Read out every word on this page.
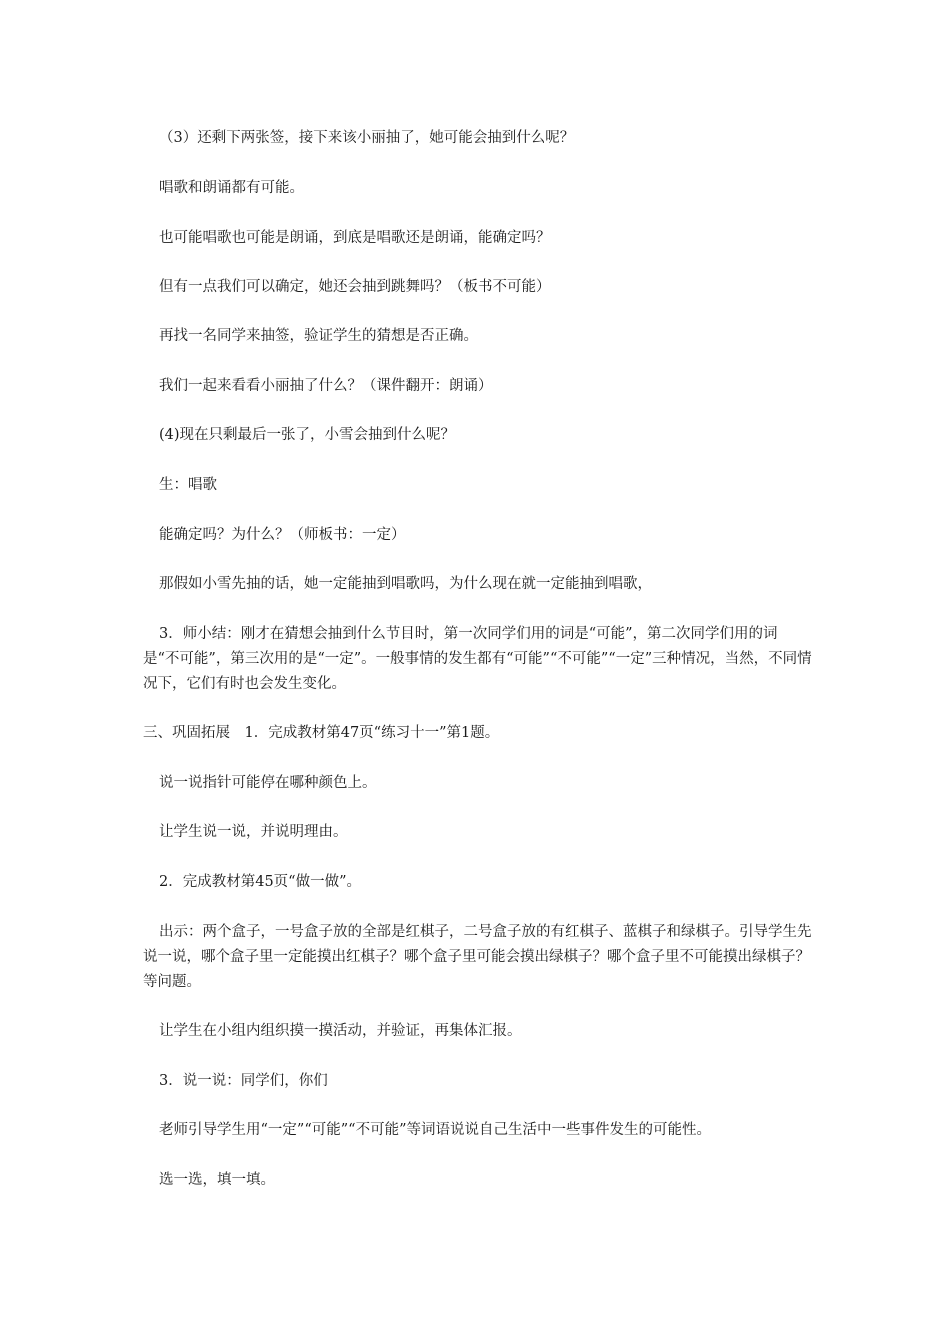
（3）还剩下两张签，接下来该小丽抽了，她可能会抽到什么呢？

唱歌和朗诵都有可能。

也可能唱歌也可能是朗诵，到底是唱歌还是朗诵，能确定吗？

但有一点我们可以确定，她还会抽到跳舞吗？（板书不可能）

再找一名同学来抽签，验证学生的猜想是否正确。

我们一起来看看小丽抽了什么？（课件翻开：朗诵）

(4)现在只剩最后一张了，小雪会抽到什么呢？

生：唱歌

能确定吗？为什么？（师板书：一定）

那假如小雪先抽的话，她一定能抽到唱歌吗，为什么现在就一定能抽到唱歌，

3．师小结：刚才在猜想会抽到什么节目时，第一次同学们用的词是“可能”，第二次同学们用的词是“不可能”，第三次用的是“一定”。一般事情的发生都有“可能”“不可能”“一定”三种情况，当然，不同情况下，它们有时也会发生变化。

三、巩固拓展　1．完成教材第47页“练习十一”第1题。

说一说指针可能停在哪种颜色上。

让学生说一说，并说明理由。

2．完成教材第45页“做一做”。

出示：两个盒子，一号盒子放的全部是红棋子，二号盒子放的有红棋子、蓝棋子和绿棋子。引导学生先说一说，哪个盒子里一定能摸出红棋子？哪个盒子里可能会摸出绿棋子？哪个盒子里不可能摸出绿棋子？等问题。

让学生在小组内组织摸一摸活动，并验证，再集体汇报。

3．说一说：同学们，你们

老师引导学生用“一定”“可能”“不可能”等词语说说自己生活中一些事件发生的可能性。

选一选，填一填。
